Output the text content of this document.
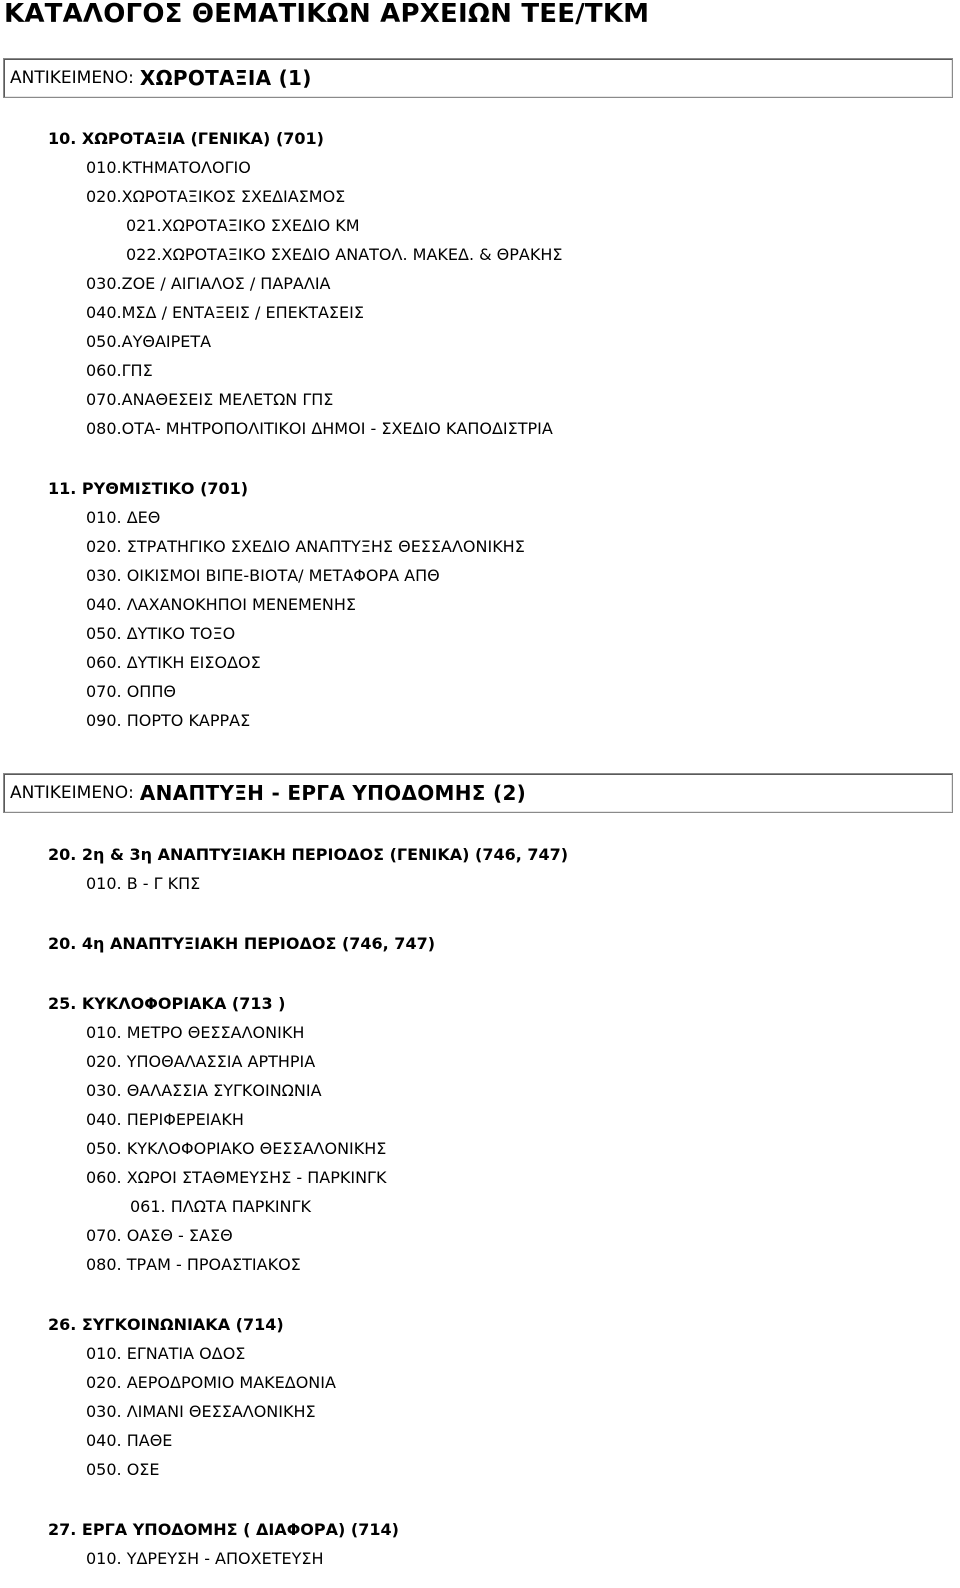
ΚΑΤΑΛΟΓΟΣ ΘΕΜΑΤΙΚΩΝ ΑΡΧΕΙΩΝ ΤΕΕ/ΤΚΜ
ΑΝΤΙΚΕΙΜΕΝΟ: ΧΩΡΟΤΑΞΙΑ (1)
10. ΧΩΡΟΤΑΞΙΑ (ΓΕΝΙΚΑ) (701)
010.ΚΤΗΜΑΤΟΛΟΓΙΟ
020.ΧΩΡΟΤΑΞΙΚΟΣ ΣΧΕΔΙΑΣΜΟΣ
021.ΧΩΡΟΤΑΞΙΚΟ ΣΧΕΔΙΟ ΚΜ
022.ΧΩΡΟΤΑΞΙΚΟ ΣΧΕΔΙΟ ΑΝΑΤΟΛ. ΜΑΚΕΔ. & ΘΡΑΚΗΣ
030.ΖΟΕ / ΑΙΓΙΑΛΟΣ / ΠΑΡΑΛΙΑ
040.ΜΣΔ / ΕΝΤΑΞΕΙΣ / ΕΠΕΚΤΑΣΕΙΣ
050.ΑΥΘΑΙΡΕΤΑ
060.ΓΠΣ
070.ΑΝΑΘΕΣΕΙΣ ΜΕΛΕΤΩΝ ΓΠΣ
080.ΟΤΑ- ΜΗΤΡΟΠΟΛΙΤΙΚΟΙ ΔΗΜΟΙ - ΣΧΕΔΙΟ ΚΑΠΟΔΙΣΤΡΙΑ
11. ΡΥΘΜΙΣΤΙΚΟ (701)
010. ΔΕΘ
020. ΣΤΡΑΤΗΓΙΚΟ ΣΧΕΔΙΟ ΑΝΑΠΤΥΞΗΣ ΘΕΣΣΑΛΟΝΙΚΗΣ
030. ΟΙΚΙΣΜΟΙ ΒΙΠΕ-ΒΙΟΤΑ/ ΜΕΤΑΦΟΡΑ ΑΠΘ
040. ΛΑΧΑΝΟΚΗΠΟΙ ΜΕΝΕΜΕΝΗΣ
050. ΔΥΤΙΚΟ ΤΟΞΟ
060. ΔΥΤΙΚΗ ΕΙΣΟΔΟΣ
070. ΟΠΠΘ
090. ΠΟΡΤΟ ΚΑΡΡΑΣ
ΑΝΤΙΚΕΙΜΕΝΟ: ΑΝΑΠΤΥΞΗ - ΕΡΓΑ ΥΠΟΔΟΜΗΣ (2)
20. 2η & 3η ΑΝΑΠΤΥΞΙΑΚΗ ΠΕΡΙΟΔΟΣ (ΓΕΝΙΚΑ) (746, 747)
010. Β - Γ ΚΠΣ
20. 4η ΑΝΑΠΤΥΞΙΑΚΗ ΠΕΡΙΟΔΟΣ (746, 747)
25. ΚΥΚΛΟΦΟΡΙΑΚΑ (713 )
010. ΜΕΤΡΟ ΘΕΣΣΑΛΟΝΙΚΗ
020. ΥΠΟΘΑΛΑΣΣΙΑ ΑΡΤΗΡΙΑ
030. ΘΑΛΑΣΣΙΑ ΣΥΓΚΟΙΝΩΝΙΑ
040. ΠΕΡΙΦΕΡΕΙΑΚΗ
050. ΚΥΚΛΟΦΟΡΙΑΚΟ ΘΕΣΣΑΛΟΝΙΚΗΣ
060. ΧΩΡΟΙ ΣΤΑΘΜΕΥΣΗΣ - ΠΑΡΚΙΝΓΚ
061. ΠΛΩΤΑ ΠΑΡΚΙΝΓΚ
070. ΟΑΣΘ - ΣΑΣΘ
080. ΤΡΑΜ - ΠΡΟΑΣΤΙΑΚΟΣ
26. ΣΥΓΚΟΙΝΩΝΙΑΚΑ (714)
010. ΕΓΝΑΤΙΑ ΟΔΟΣ
020. ΑΕΡΟΔΡΟΜΙΟ ΜΑΚΕΔΟΝΙΑ
030. ΛΙΜΑΝΙ ΘΕΣΣΑΛΟΝΙΚΗΣ
040. ΠΑΘΕ
050. ΟΣΕ
27. ΕΡΓΑ ΥΠΟΔΟΜΗΣ ( ΔΙΑΦΟΡΑ) (714)
010. ΥΔΡΕΥΣΗ - ΑΠΟΧΕΤΕΥΣΗ
